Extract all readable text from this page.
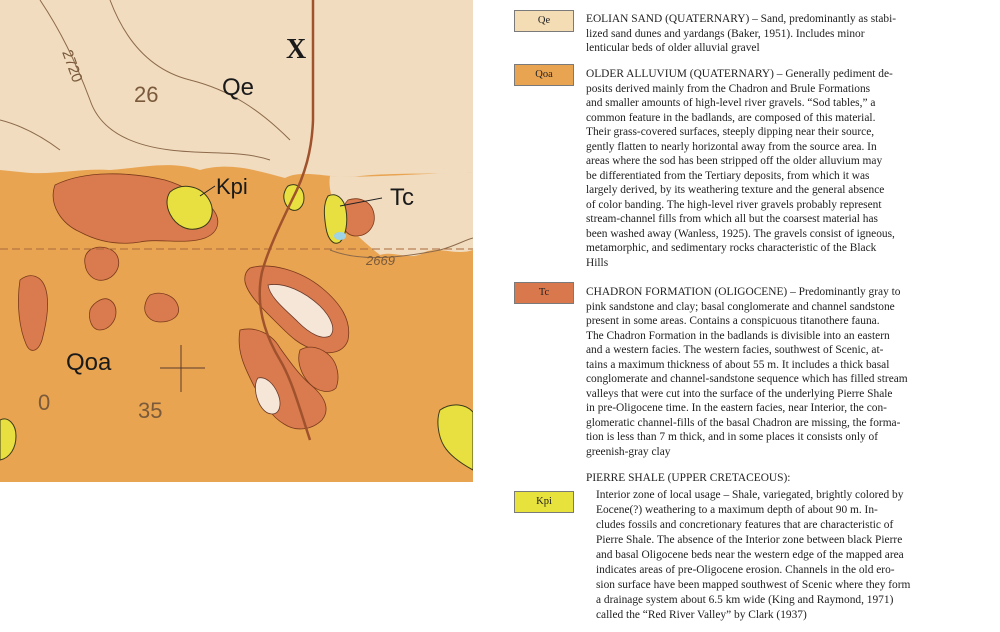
Qe
Qoa
Kpi	Tc
X
2720
2669
26
35
0
Qe	EOLIAN SAND (QUATERNARY) – Sand, predominantly as stabi-
lized sand dunes and yardangs (Baker, 1951). Includes minor
lenticular beds of older alluvial gravel
Qoa	OLDER ALLUVIUM (QUATERNARY) – Generally pediment de-
posits derived mainly from the Chadron and Brule Formations
and smaller amounts of high-level river gravels. “Sod tables,” a
common feature in the badlands, are composed of this material.
Their grass-covered surfaces, steeply dipping near their source,
gently flatten to nearly horizontal away from the source area. In
areas where the sod has been stripped off the older alluvium may
be differentiated from the Tertiary deposits, from which it was
largely derived, by its weathering texture and the general absence
of color banding. The high-level river gravels probably represent
stream-channel fills from which all but the coarsest material has
been washed away (Wanless, 1925). The gravels consist of igneous,
metamorphic, and sedimentary rocks characteristic of the Black
Hills
Tc	CHADRON FORMATION (OLIGOCENE) – Predominantly gray to
pink sandstone and clay; basal conglomerate and channel sandstone
present in some areas. Contains a conspicuous titanothere fauna.
The Chadron Formation in the badlands is divisible into an eastern
and a western facies. The western facies, southwest of Scenic, at-
tains a maximum thickness of about 55 m. It includes a thick basal
conglomerate and channel-sandstone sequence which has filled stream
valleys that were cut into the surface of the underlying Pierre Shale
in pre-Oligocene time. In the eastern facies, near Interior, the con-
glomeratic channel-fills of the basal Chadron are missing, the forma-
tion is less than 7 m thick, and in some places it consists only of
greenish-gray clay
PIERRE SHALE (UPPER CRETACEOUS):
Kpi
Interior zone of local usage – Shale, variegated, brightly colored by
Eocene(?) weathering to a maximum depth of about 90 m. In-
cludes fossils and concretionary features that are characteristic of
Pierre Shale. The absence of the Interior zone between black Pierre
and basal Oligocene beds near the western edge of the mapped area
indicates areas of pre-Oligocene erosion. Channels in the old ero-
sion surface have been mapped southwest of Scenic where they form
a drainage system about 6.5 km wide (King and Raymond, 1971)
called the “Red River Valley” by Clark (1937)
